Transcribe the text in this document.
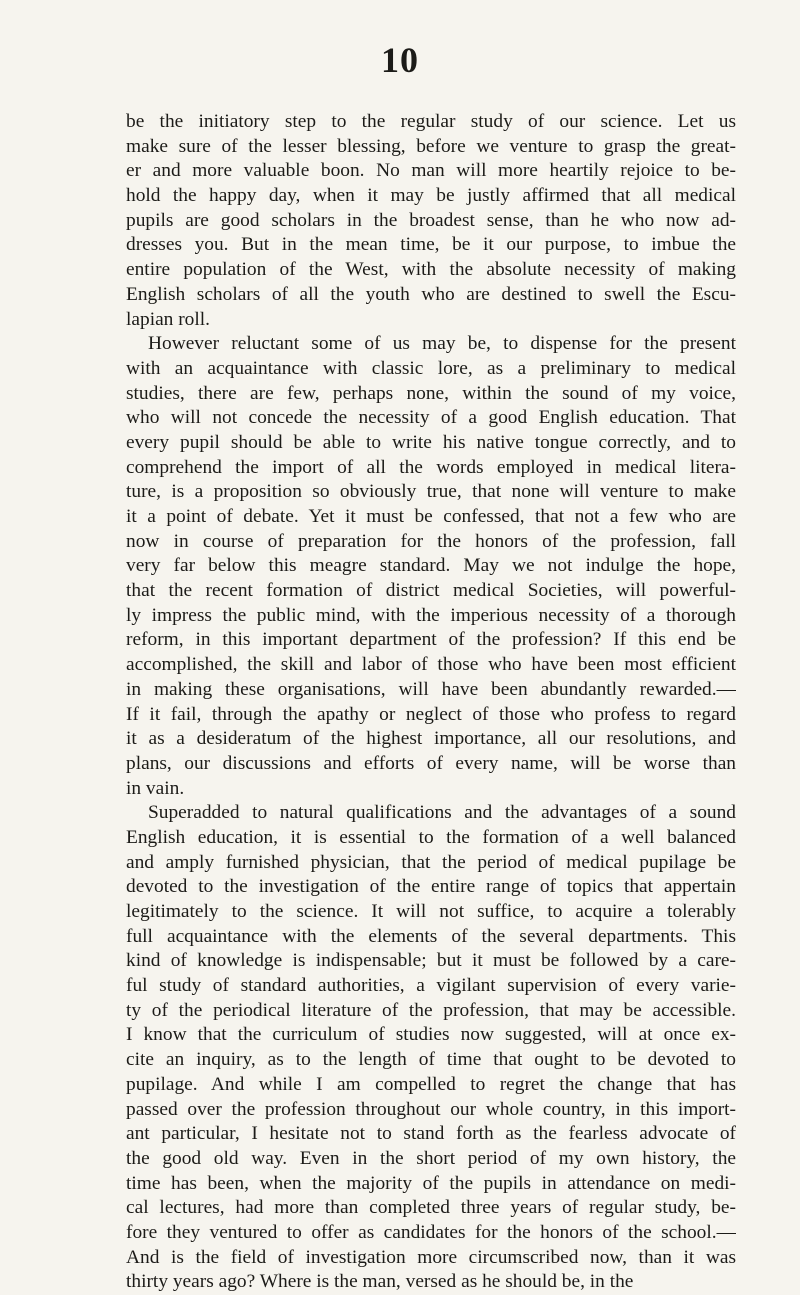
10
be the initiatory step to the regular study of our science. Let us
make sure of the lesser blessing, before we venture to grasp the great-
er and more valuable boon. No man will more heartily rejoice to be-
hold the happy day, when it may be justly affirmed that all medical
pupils are good scholars in the broadest sense, than he who now ad-
dresses you. But in the mean time, be it our purpose, to imbue the
entire population of the West, with the absolute necessity of making
English scholars of all the youth who are destined to swell the Escu-
lapian roll.
However reluctant some of us may be, to dispense for the present
with an acquaintance with classic lore, as a preliminary to medical
studies, there are few, perhaps none, within the sound of my voice,
who will not concede the necessity of a good English education. That
every pupil should be able to write his native tongue correctly, and to
comprehend the import of all the words employed in medical litera-
ture, is a proposition so obviously true, that none will venture to make
it a point of debate. Yet it must be confessed, that not a few who are
now in course of preparation for the honors of the profession, fall
very far below this meagre standard. May we not indulge the hope,
that the recent formation of district medical Societies, will powerful-
ly impress the public mind, with the imperious necessity of a thorough
reform, in this important department of the profession? If this end be
accomplished, the skill and labor of those who have been most efficient
in making these organisations, will have been abundantly rewarded.—
If it fail, through the apathy or neglect of those who profess to regard
it as a desideratum of the highest importance, all our resolutions, and
plans, our discussions and efforts of every name, will be worse than
in vain.
Superadded to natural qualifications and the advantages of a sound
English education, it is essential to the formation of a well balanced
and amply furnished physician, that the period of medical pupilage be
devoted to the investigation of the entire range of topics that appertain
legitimately to the science. It will not suffice, to acquire a tolerably
full acquaintance with the elements of the several departments. This
kind of knowledge is indispensable; but it must be followed by a care-
ful study of standard authorities, a vigilant supervision of every varie-
ty of the periodical literature of the profession, that may be accessible.
I know that the curriculum of studies now suggested, will at once ex-
cite an inquiry, as to the length of time that ought to be devoted to
pupilage. And while I am compelled to regret the change that has
passed over the profession throughout our whole country, in this import-
ant particular, I hesitate not to stand forth as the fearless advocate of
the good old way. Even in the short period of my own history, the
time has been, when the majority of the pupils in attendance on medi-
cal lectures, had more than completed three years of regular study, be-
fore they ventured to offer as candidates for the honors of the school.—
And is the field of investigation more circumscribed now, than it was
thirty years ago? Where is the man, versed as he should be, in the
